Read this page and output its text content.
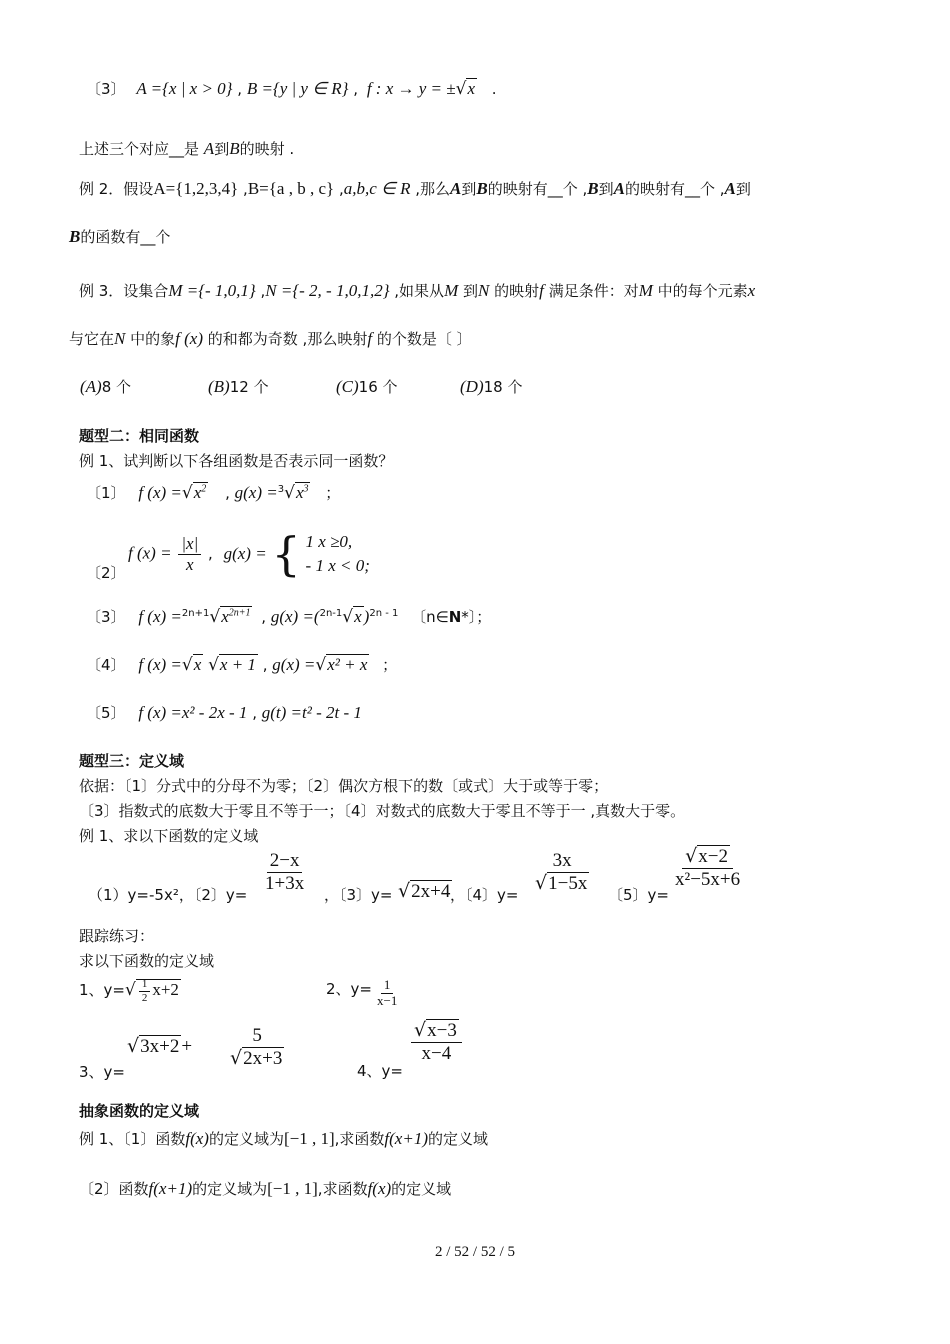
〔3〕 A ={x | x > 0} , B ={y | y ∈ R} , f : x → y = ±√x .
上述三个对应__是 A到B的映射 .
例 2．假设A={1,2,3,4} ,B={a , b , c} ,a,b,c ∈ R ,那么A到B的映射有__个 ,B到A的映射有__个 ,A到
B的函数有__个
例 3．设集合M ={- 1,0,1} ,N ={- 2, - 1,0,1,2} ,如果从M 到N 的映射f 满足条件：对M 中的每个元素x
与它在N 中的象f (x) 的和都为奇数 ,那么映射f 的个数是〔 〕
(A)8 个	(B)12 个	(C)16 个	(D)18 个
题型二：相同函数
例 1、试判断以下各组函数是否表示同一函数？
〔1〕 f $(x) =√x^2$ , $g(x) =^3√x^3$ ；
〔2〕
f $(x) = \frac{|x|}{x}$ , g(x) = { 1 x ≥0,
- 1 x < 0;
〔3〕 f $(x) =^{2n+1}√x^{2n+1}$ , g(x) =($^{2n-1}$√x )$^{2n - 1}$ 〔n∈N*〕；
〔4〕 f (x) =√x √x + 1 , g(x) =√x² + x ；
〔5〕 f (x) =x² - 2x - 1 , g(t) =t² - 2t - 1
题型三：定义域
依据：〔1〕分式中的分母不为零；〔2〕偶次方根下的数〔或式〕大于或等于零；
〔3〕指数式的底数大于零且不等于一；〔4〕对数式的底数大于零且不等于一 ,真数大于零。
例 1、求以下函数的定义域
（1）y=-5x²，〔2〕y=
$\frac{2-x}{1+3x}$
，〔3〕y= √2x+4 ，〔4〕y=
$\frac{3x}{√1-5x}$
〔5〕y=
$\frac{√x-2}{\text{x²−5x+6}}$
跟踪练习：
求以下函数的定义域
1、$y=√ \frac{1}{2} x+2$	2、$y= \frac{1}{x-1}$
3、y=
$√3x+2 + \frac{5}{√2x+3}$
4、y=
$\frac{√x-3}{x-4}$
抽象函数的定义域
例 1、〔1〕函数f(x)的定义域为[−1 , 1],求函数f(x+1)的定义域
〔2〕函数f(x+1)的定义域为[−1 , 1],求函数f(x)的定义域
2 / 52 / 52 / 5
